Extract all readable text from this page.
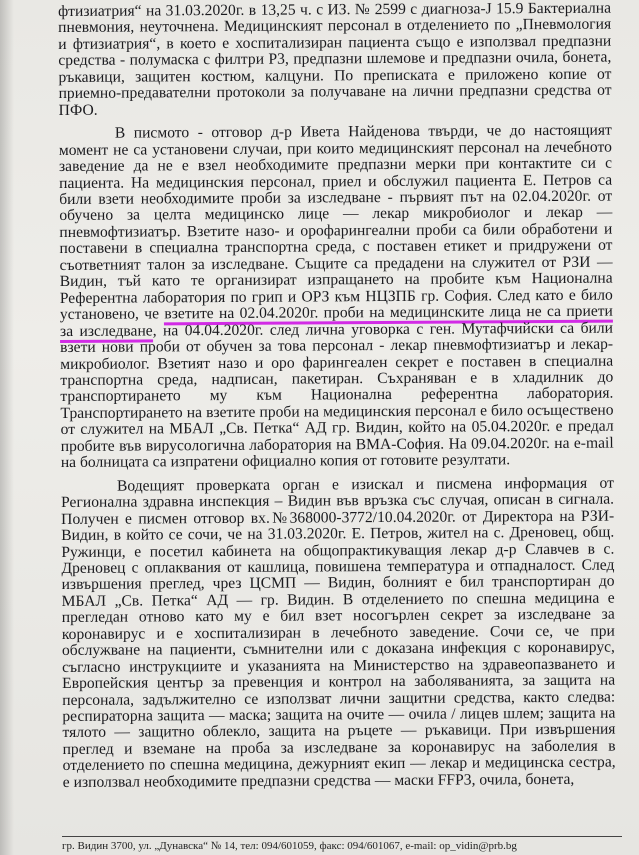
фтизиатрия“ на 31.03.2020г. в 13,25 ч. с ИЗ. № 2599 с диагноза-J 15.9 Бактериална пневмония, неуточнена. Медицинският персонал в отделението по „Пневмология и фтизиатрия“, в което е хоспитализиран пациента също е използвал предпазни средства - полумаска с филтри P3, предпазни шлемове и предпазни очила, бонета, ръкавици, защитен костюм, калцуни. По преписката е приложено копие от приемно-предавателни протоколи за получаване на лични предпазни средства от ПФО.

В писмото - отговор д-р Ивета Найденова твърди, че до настоящият момент не са установени случаи, при които медицинският персонал на лечебното заведение да не е взел необходимите предпазни мерки при контактите си с пациента. На медицинския персонал, приел и обслужил пациента Е. Петров са били взети необходимите проби за изследване - първият път на 02.04.2020г. от обучено за целта медицинско лице — лекар микробиолог и лекар — пневмофтизиатър. Взетите назо- и орофарингеални проби са били обработени и поставени в специална транспортна среда, с поставен етикет и придружени от съответният талон за изследване. Същите са предадени на служител от РЗИ — Видин, тъй като те организират изпращането на пробите към Национална Референтна лаборатория по грип и ОРЗ към НЦЗПБ гр. София. След като е било установено, че взетите на 02.04.2020г. проби на медицинските лица не са приети за изследване, на 04.04.2020г. след лична уговорка с ген. Мутафчийски са били взети нови проби от обучен за това персонал - лекар пневмофтизиатър и лекар-микробиолог. Взетият назо и оро фарингеален секрет е поставен в специална транспортна среда, надписан, пакетиран. Съхраняван е в хладилник до транспортирането му към Национална референтна лаборатория. Транспортирането на взетите проби на медицинския персонал е било осъществено от служител на МБАЛ „Св. Петка“ АД гр. Видин, който на 05.04.2020г. е предал пробите във вирусологична лаборатория на ВМА-София. На 09.04.2020г. на e-mail на болницата са изпратени официално копия от готовите резултати.

Водещият проверката орган е изискал и писмена информация от Регионална здравна инспекция – Видин във връзка със случая, описан в сигнала. Получен е писмен отговор вх.№368000-3772/10.04.2020г. от Директора на РЗИ-Видин, в който се сочи, че на 31.03.2020г. Е. Петров, жител на с. Дреновец, общ. Ружинци, е посетил кабинета на общопрактикуващия лекар д-р Славчев в с. Дреновец с оплаквания от кашлица, повишена температура и отпадналост. След извършения преглед, чрез ЦСМП — Видин, болният е бил транспортиран до МБАЛ „Св. Петка“ АД — гр. Видин. В отделението по спешна медицина е прегледан отново като му е бил взет носогърлен секрет за изследване за коронавирус и е хоспитализиран в лечебното заведение. Сочи се, че при обслужване на пациенти, съмнителни или с доказана инфекция с коронавирус, съгласно инструкциите и указанията на Министерство на здравеопазването и Европейския център за превенция и контрол на заболяванията, за защита на персонала, задължително се използват лични защитни средства, както следва: респираторна защита — маска; защита на очите — очила / лицев шлем; защита на тялото — защитно облекло, защита на ръцете — ръкавици. При извършения преглед и вземане на проба за изследване за коронавирус на заболелия в отделението по спешна медицина, дежурният екип — лекар и медицинска сестра, е използвал необходимите предпазни средства — маски FFP3, очила, бонета,

гр. Видин 3700, ул. „Дунавска“ № 14, тел: 094/601059, факс: 094/601067, e-mail: op_vidin@prb.bg
